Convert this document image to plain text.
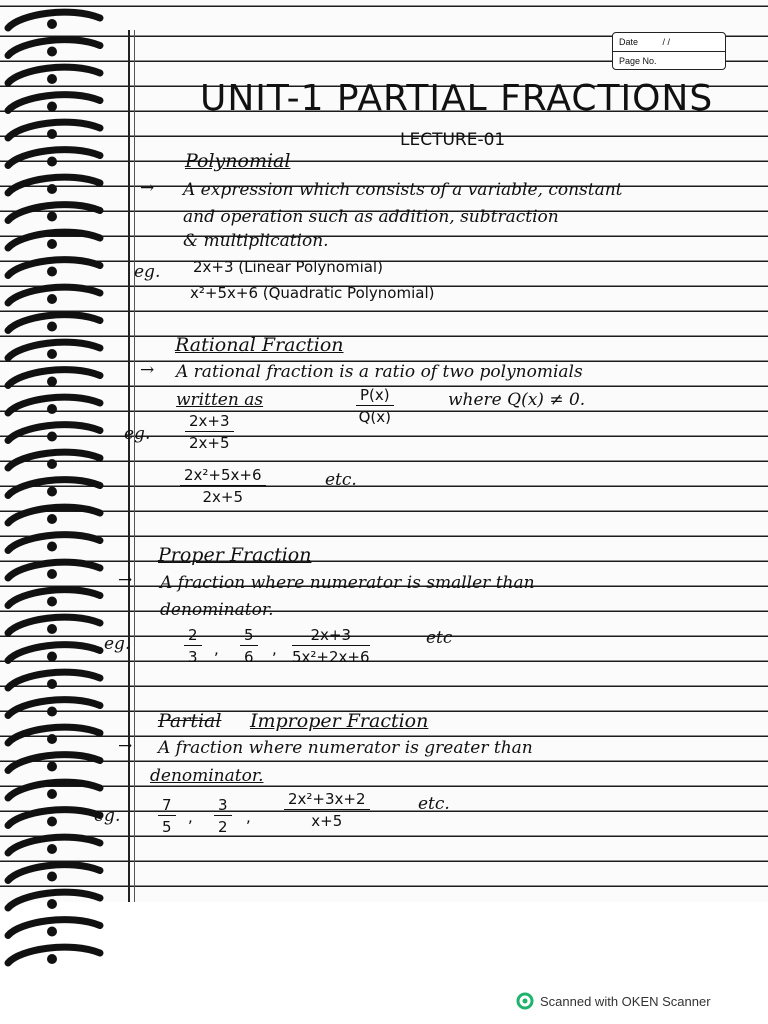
Date	/ /
Page No.
UNIT-1 PARTIAL FRACTIONS
LECTURE-01
Polynomial
→ A expression which consists of a variable, constant
and operation such as addition, subtraction
& multiplication.
eg. 2x+3 (Linear Polynomial)
x²+5x+6 (Quadratic Polynomial)
Rational Fraction
→ A rational fraction is a ratio of two polynomials
written as	$\frac{P(x)}{Q(x)}$	where Q(x) ≠ 0.
eg. $\frac{2x+3}{2x+5}$
$\frac{\text{2x²+5x+6}}{2x+5}$	etc.
Proper Fraction
→ A fraction where numerator is smaller than
denominator.
eg.	$\frac{2}{3}$ , $\frac{5}{6}$ , $\frac{2x+3}{\text{5x²+2x+6}}$	etc
Partial Improper Fraction
→ A fraction where numerator is greater than
denominator.
eg.	$\frac{7}{5}$ , $\frac{3}{2}$ , $\frac{\text{2x²+3x+2}}{x+5}$	etc.
Scanned with OKEN Scanner
